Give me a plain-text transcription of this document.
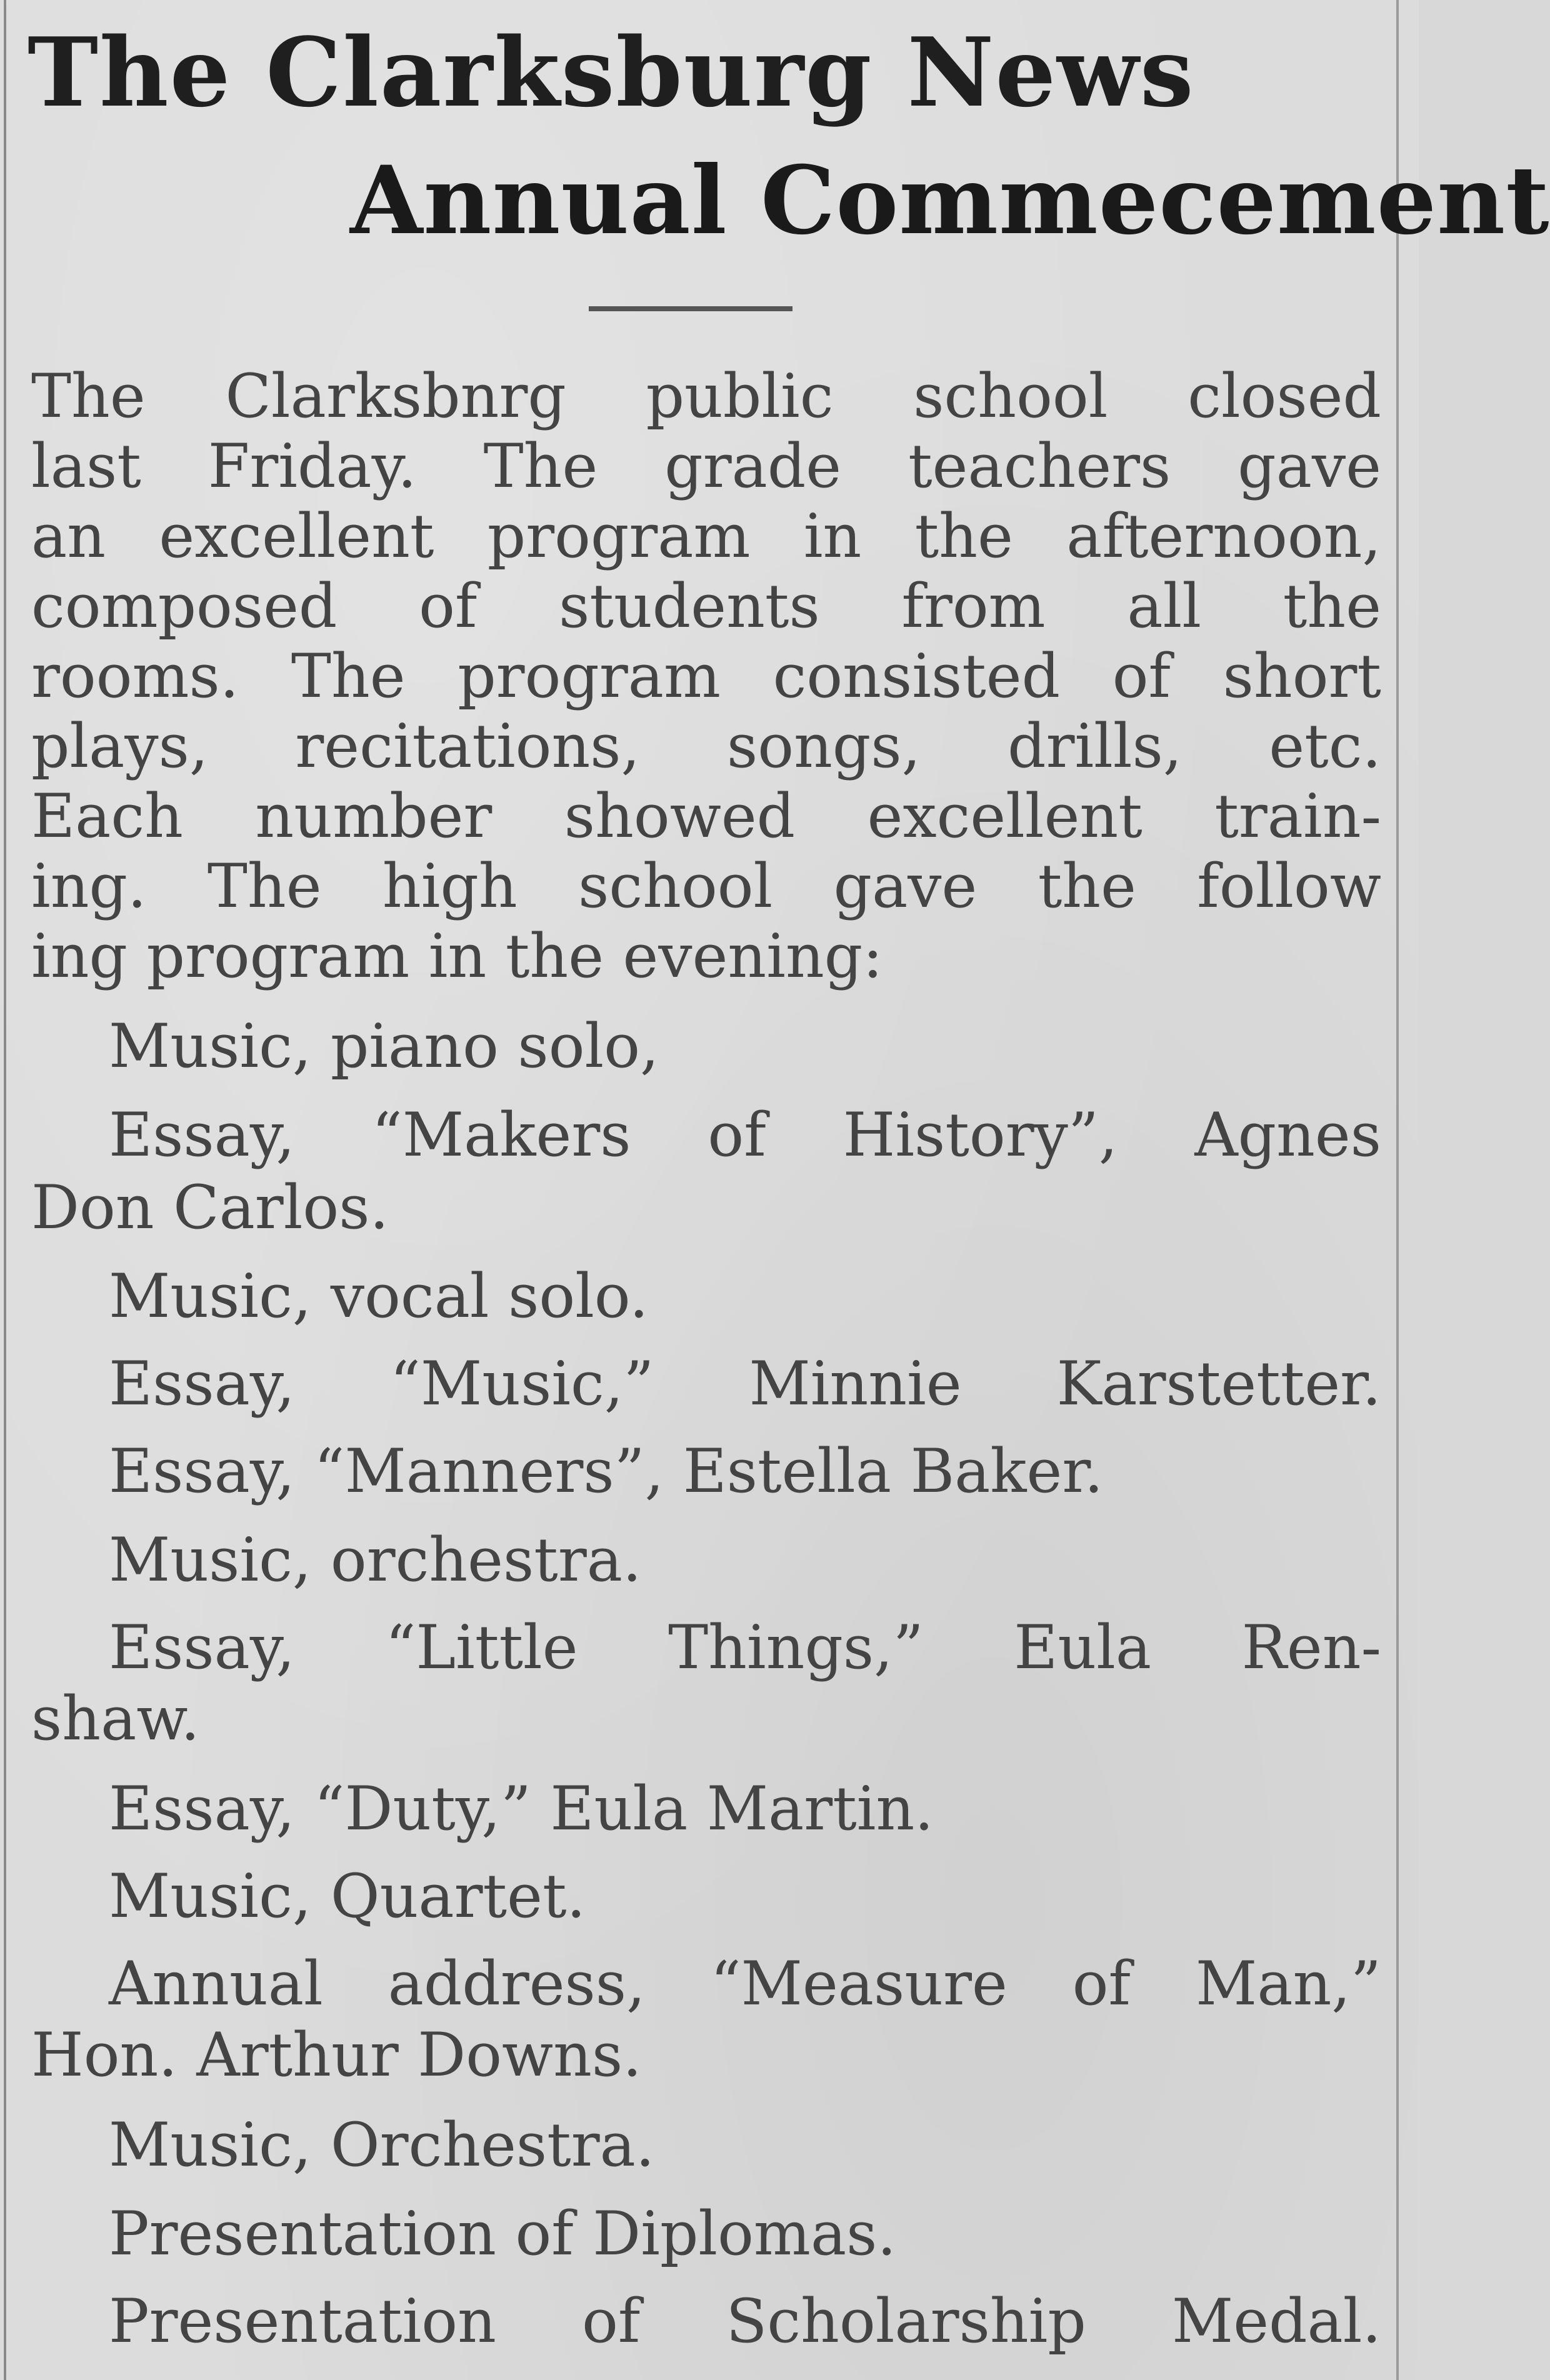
The Clarksburg News
Annual Commecement
The Clarksbnrg public school closed
last Friday. The grade teachers gave
an excellent program in the afternoon,
composed of students from all the
rooms. The program consisted of short
plays, recitations, songs, drills, etc.
Each number showed excellent train-
ing. The high school gave the follow
ing program in the evening:
Music, piano solo,
Essay, “Makers of History”, Agnes
Don Carlos.
Music, vocal solo.
Essay, “Music,” Minnie Karstetter.
Essay, “Manners”, Estella Baker.
Music, orchestra.
Essay, “Little Things,” Eula Ren-
shaw.
Essay, “Duty,” Eula Martin.
Music, Quartet.
Annual address, “Measure of Man,”
Hon. Arthur Downs.
Music, Orchestra.
Presentation of Diplomas.
Presentation of Scholarship Medal.
